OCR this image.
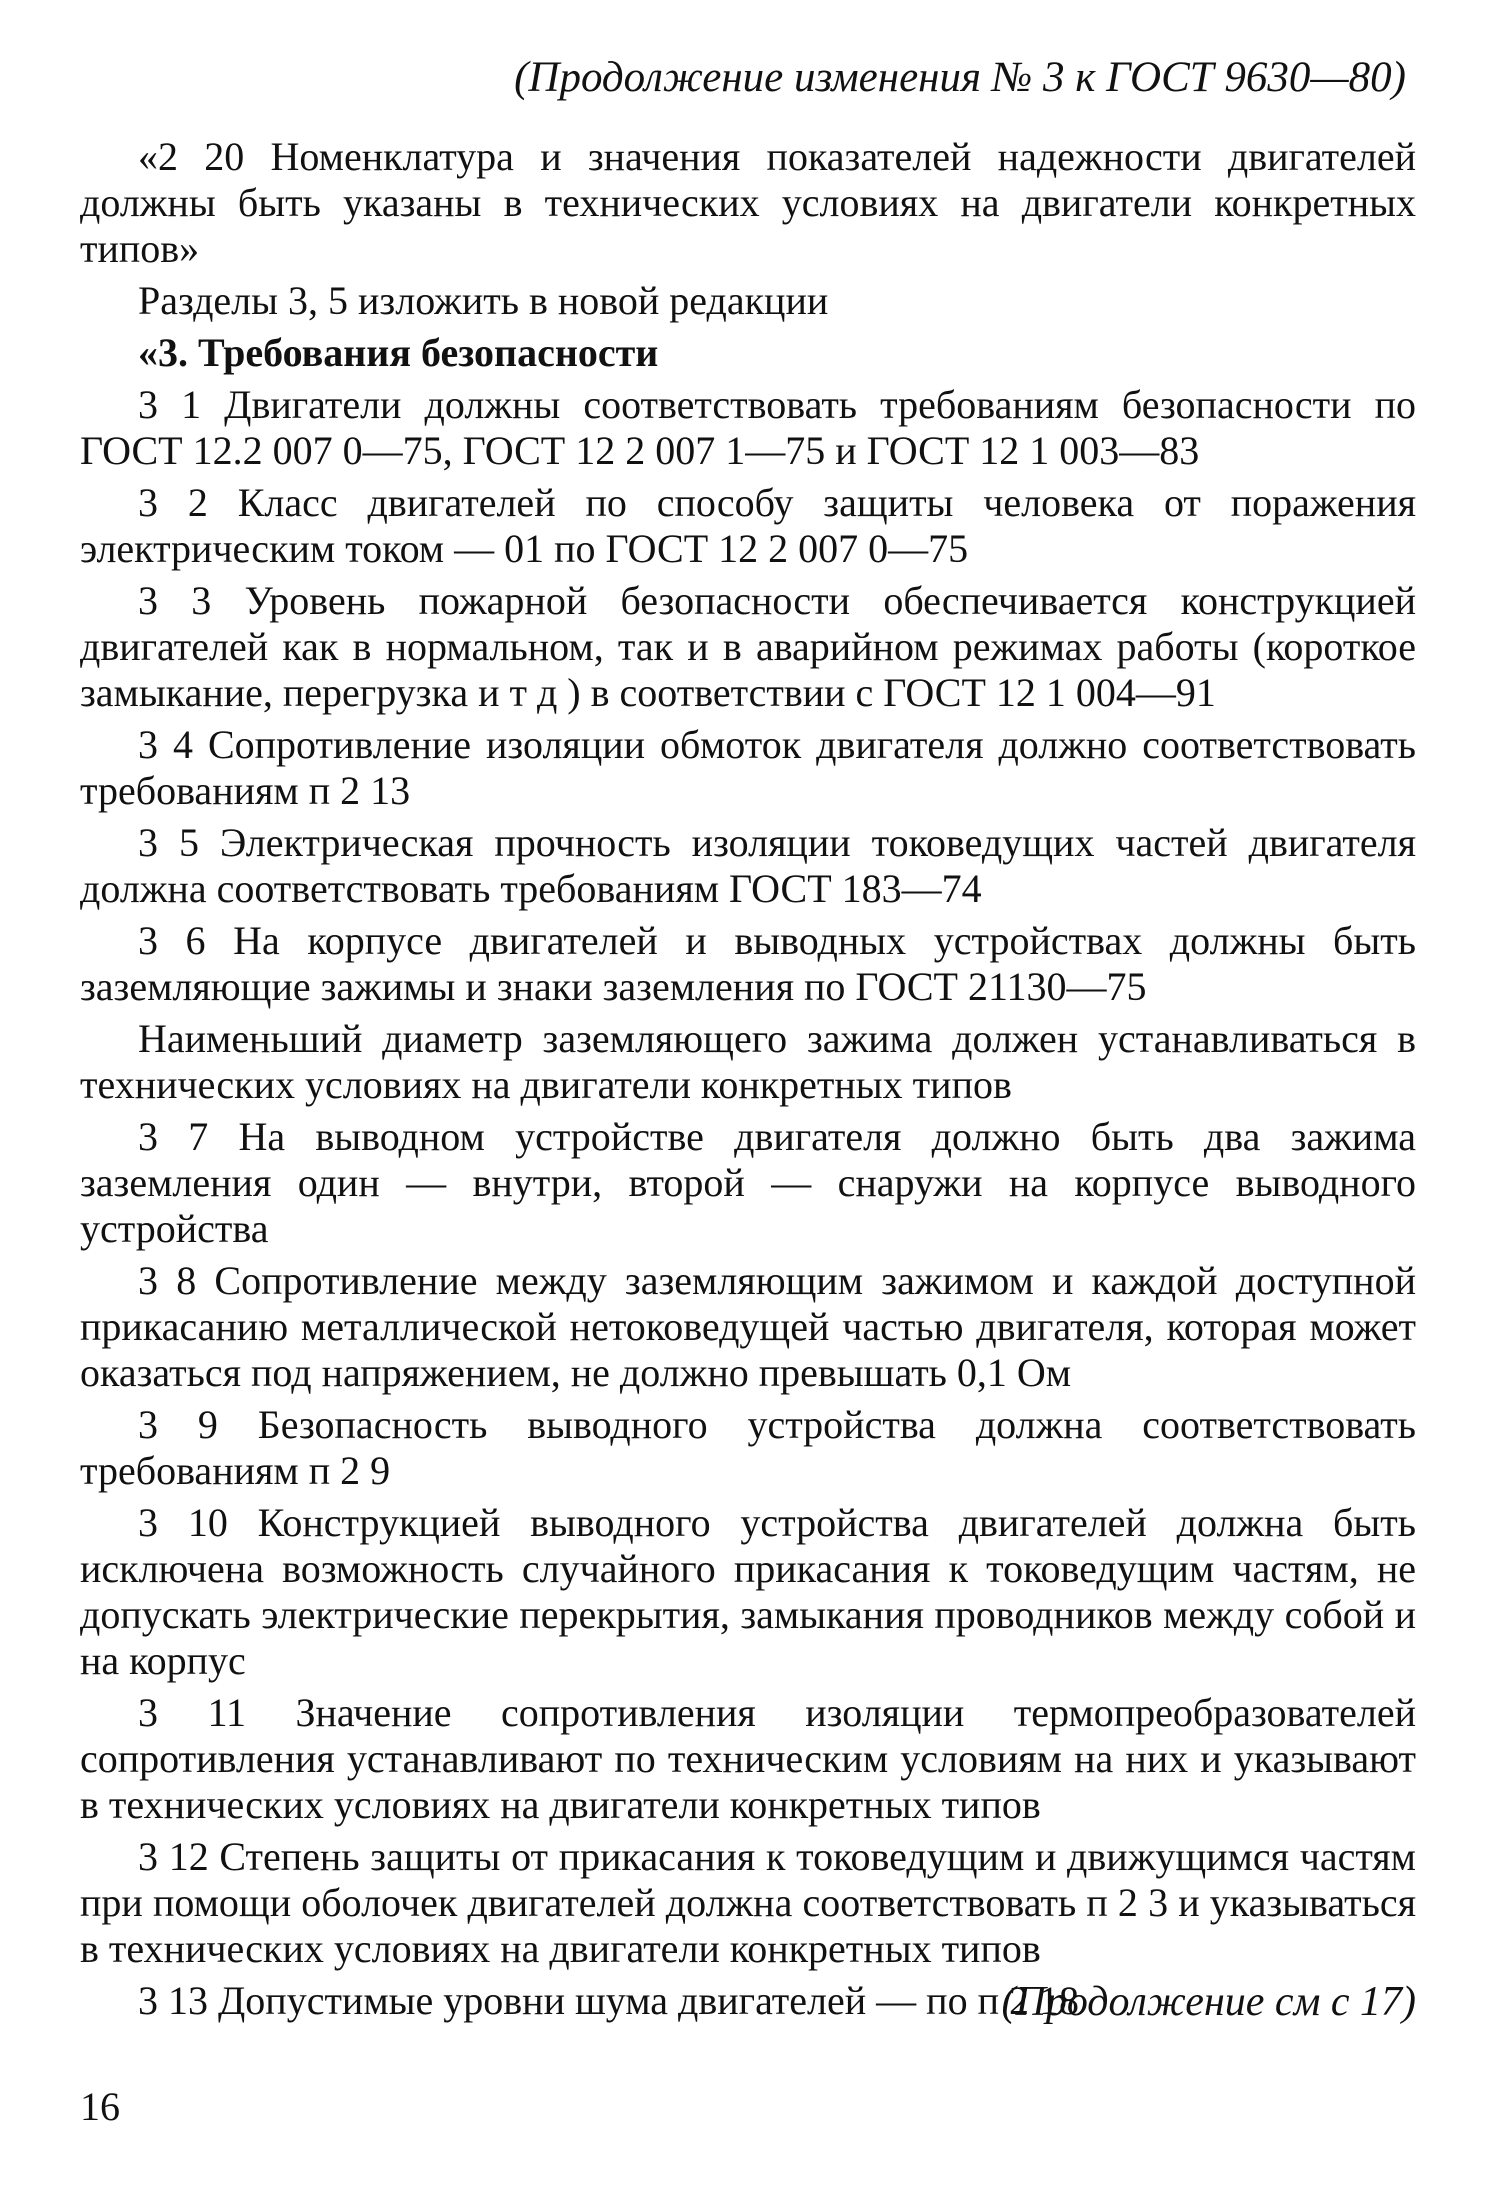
(Продолжение изменения № 3 к ГОСТ 9630—80)

«2 20 Номенклатура и значения показателей надежности двигателей должны быть указаны в технических условиях на двигатели конкретных типов»

Разделы 3, 5 изложить в новой редакции

«3. Требования безопасности

3 1 Двигатели должны соответствовать требованиям безопасности по ГОСТ 12.2 007 0—75, ГОСТ 12 2 007 1—75 и ГОСТ 12 1 003—83

3 2 Класс двигателей по способу защиты человека от поражения электрическим током — 01 по ГОСТ 12 2 007 0—75

3 3 Уровень пожарной безопасности обеспечивается конструкцией двигателей как в нормальном, так и в аварийном режимах работы (короткое замыкание, перегрузка и т д ) в соответствии с ГОСТ 12 1 004—91

3 4 Сопротивление изоляции обмоток двигателя должно соответствовать требованиям п 2 13

3 5 Электрическая прочность изоляции токоведущих частей двигателя должна соответствовать требованиям ГОСТ 183—74

3 6 На корпусе двигателей и выводных устройствах должны быть заземляющие зажимы и знаки заземления по ГОСТ 21130—75

Наименьший диаметр заземляющего зажима должен устанавливаться в технических условиях на двигатели конкретных типов

3 7 На выводном устройстве двигателя должно быть два зажима заземления один — внутри, второй — снаружи на корпусе выводного устройства

3 8 Сопротивление между заземляющим зажимом и каждой доступной прикасанию металлической нетоковедущей частью двигателя, которая может оказаться под напряжением, не должно превышать 0,1 Ом

3 9 Безопасность выводного устройства должна соответствовать требованиям п 2 9

3 10 Конструкцией выводного устройства двигателей должна быть исключена возможность случайного прикасания к токоведущим частям, не допускать электрические перекрытия, замыкания проводников между собой и на корпус

3 11 Значение сопротивления изоляции термопреобразователей сопротивления устанавливают по техническим условиям на них и указывают в технических условиях на двигатели конкретных типов

3 12 Степень защиты от прикасания к токоведущим и движущимся частям при помощи оболочек двигателей должна соответствовать п 2 3 и указываться в технических условиях на двигатели конкретных типов

3 13 Допустимые уровни шума двигателей — по п 2 18

(Продолжение см с 17)
16
